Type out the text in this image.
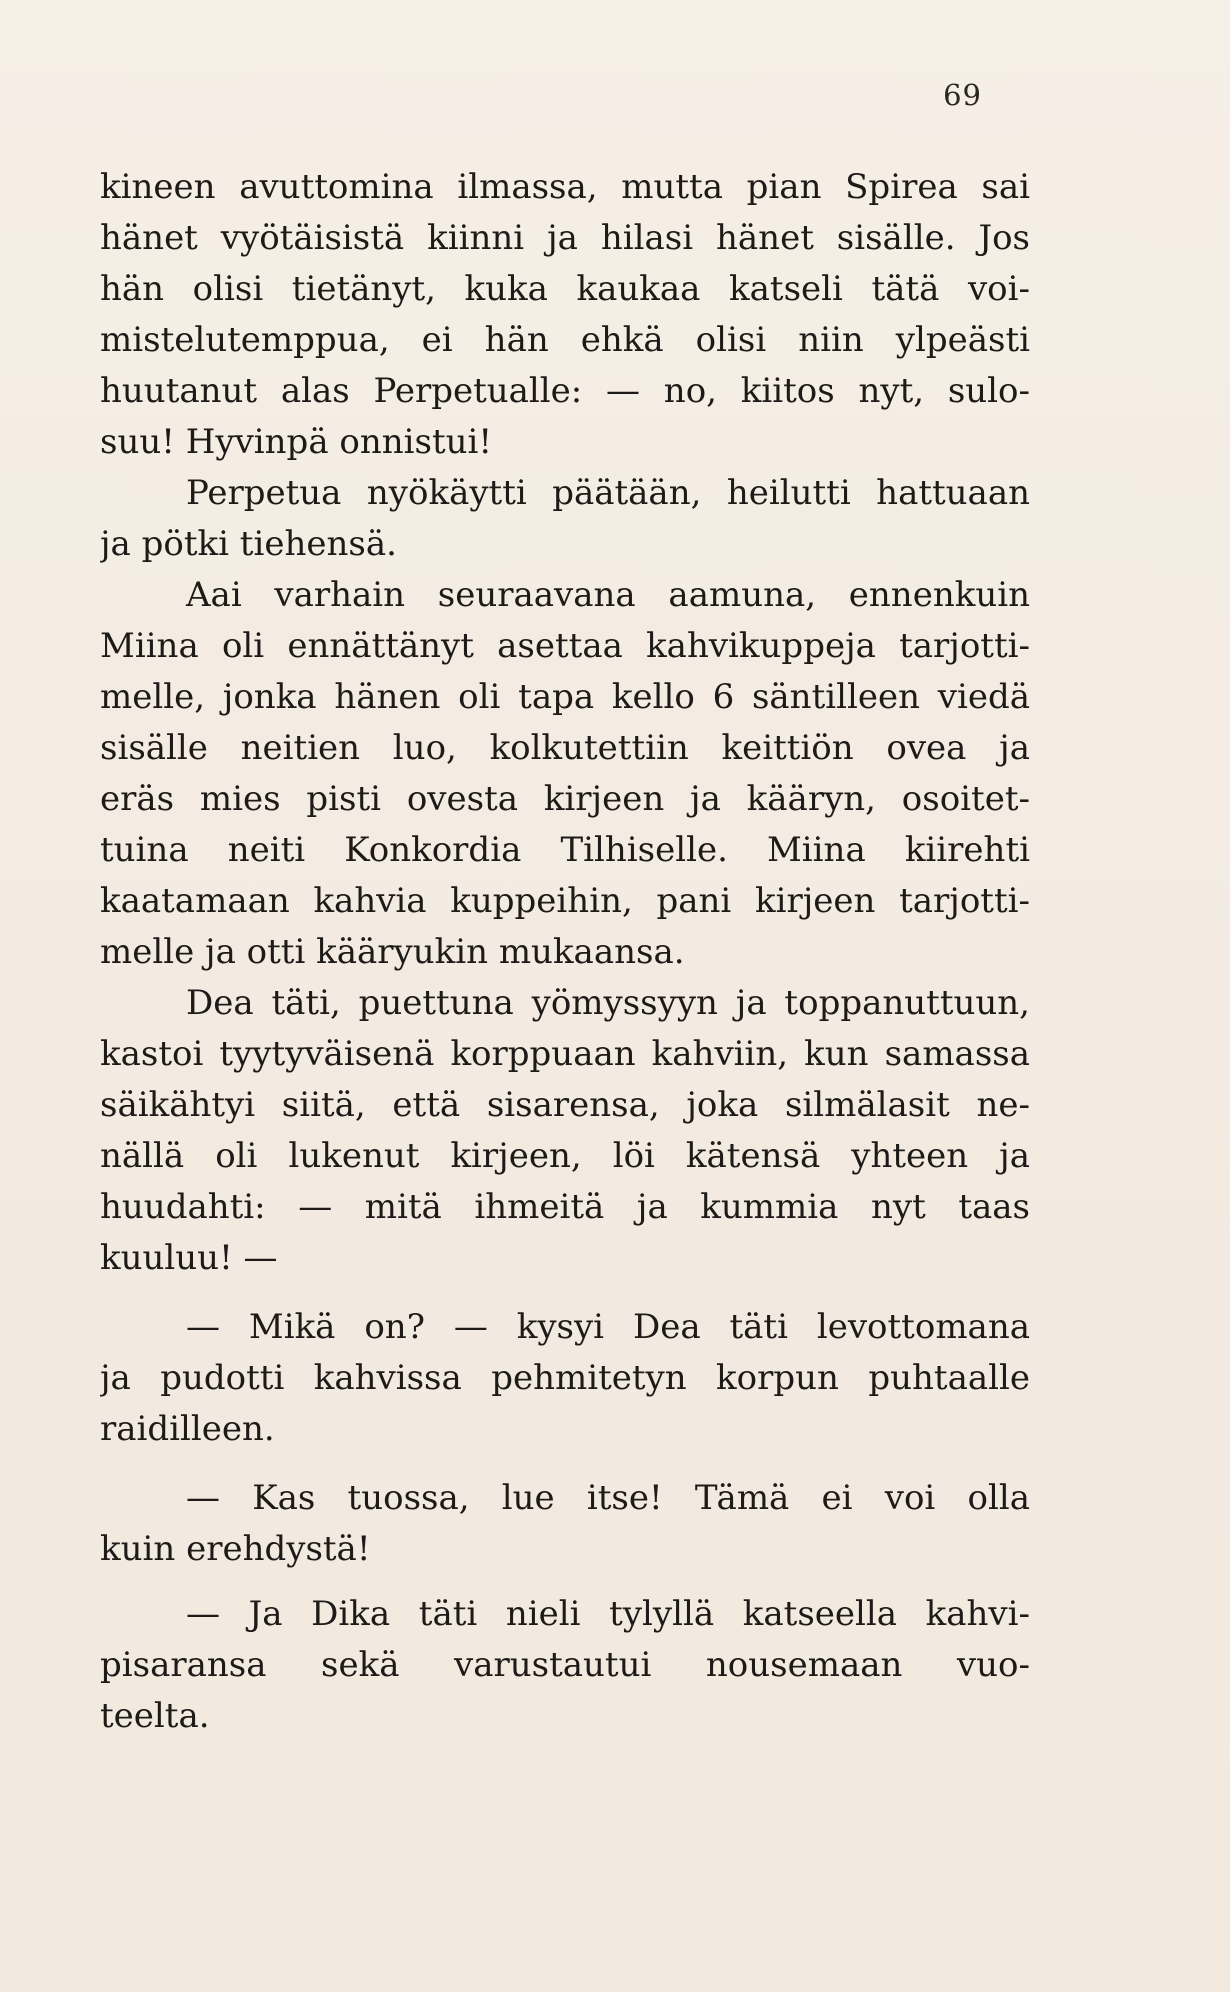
69
kineen avuttomina ilmassa, mutta pian Spirea sai
hänet vyötäisistä kiinni ja hilasi hänet sisälle. Jos
hän olisi tietänyt, kuka kaukaa katseli tätä voi-
mistelutemppua, ei hän ehkä olisi niin ylpeästi
huutanut alas Perpetualle: — no, kiitos nyt, sulo-
suu! Hyvinpä onnistui!
Perpetua nyökäytti päätään, heilutti hattuaan
ja pötki tiehensä.
Aai varhain seuraavana aamuna, ennenkuin
Miina oli ennättänyt asettaa kahvikuppeja tarjotti-
melle, jonka hänen oli tapa kello 6 säntilleen viedä
sisälle neitien luo, kolkutettiin keittiön ovea ja
eräs mies pisti ovesta kirjeen ja kääryn, osoitet-
tuina neiti Konkordia Tilhiselle. Miina kiirehti
kaatamaan kahvia kuppeihin, pani kirjeen tarjotti-
melle ja otti kääryukin mukaansa.
Dea täti, puettuna yömyssyyn ja toppanuttuun,
kastoi tyytyväisenä korppuaan kahviin, kun samassa
säikähtyi siitä, että sisarensa, joka silmälasit ne-
nällä oli lukenut kirjeen, löi kätensä yhteen ja
huudahti: — mitä ihmeitä ja kummia nyt taas
kuuluu! —
— Mikä on? — kysyi Dea täti levottomana
ja pudotti kahvissa pehmitetyn korpun puhtaalle
raidilleen.
— Kas tuossa, lue itse! Tämä ei voi olla
kuin erehdystä!
— Ja Dika täti nieli tylyllä katseella kahvi-
pisaransa sekä varustautui nousemaan vuo-
teelta.
